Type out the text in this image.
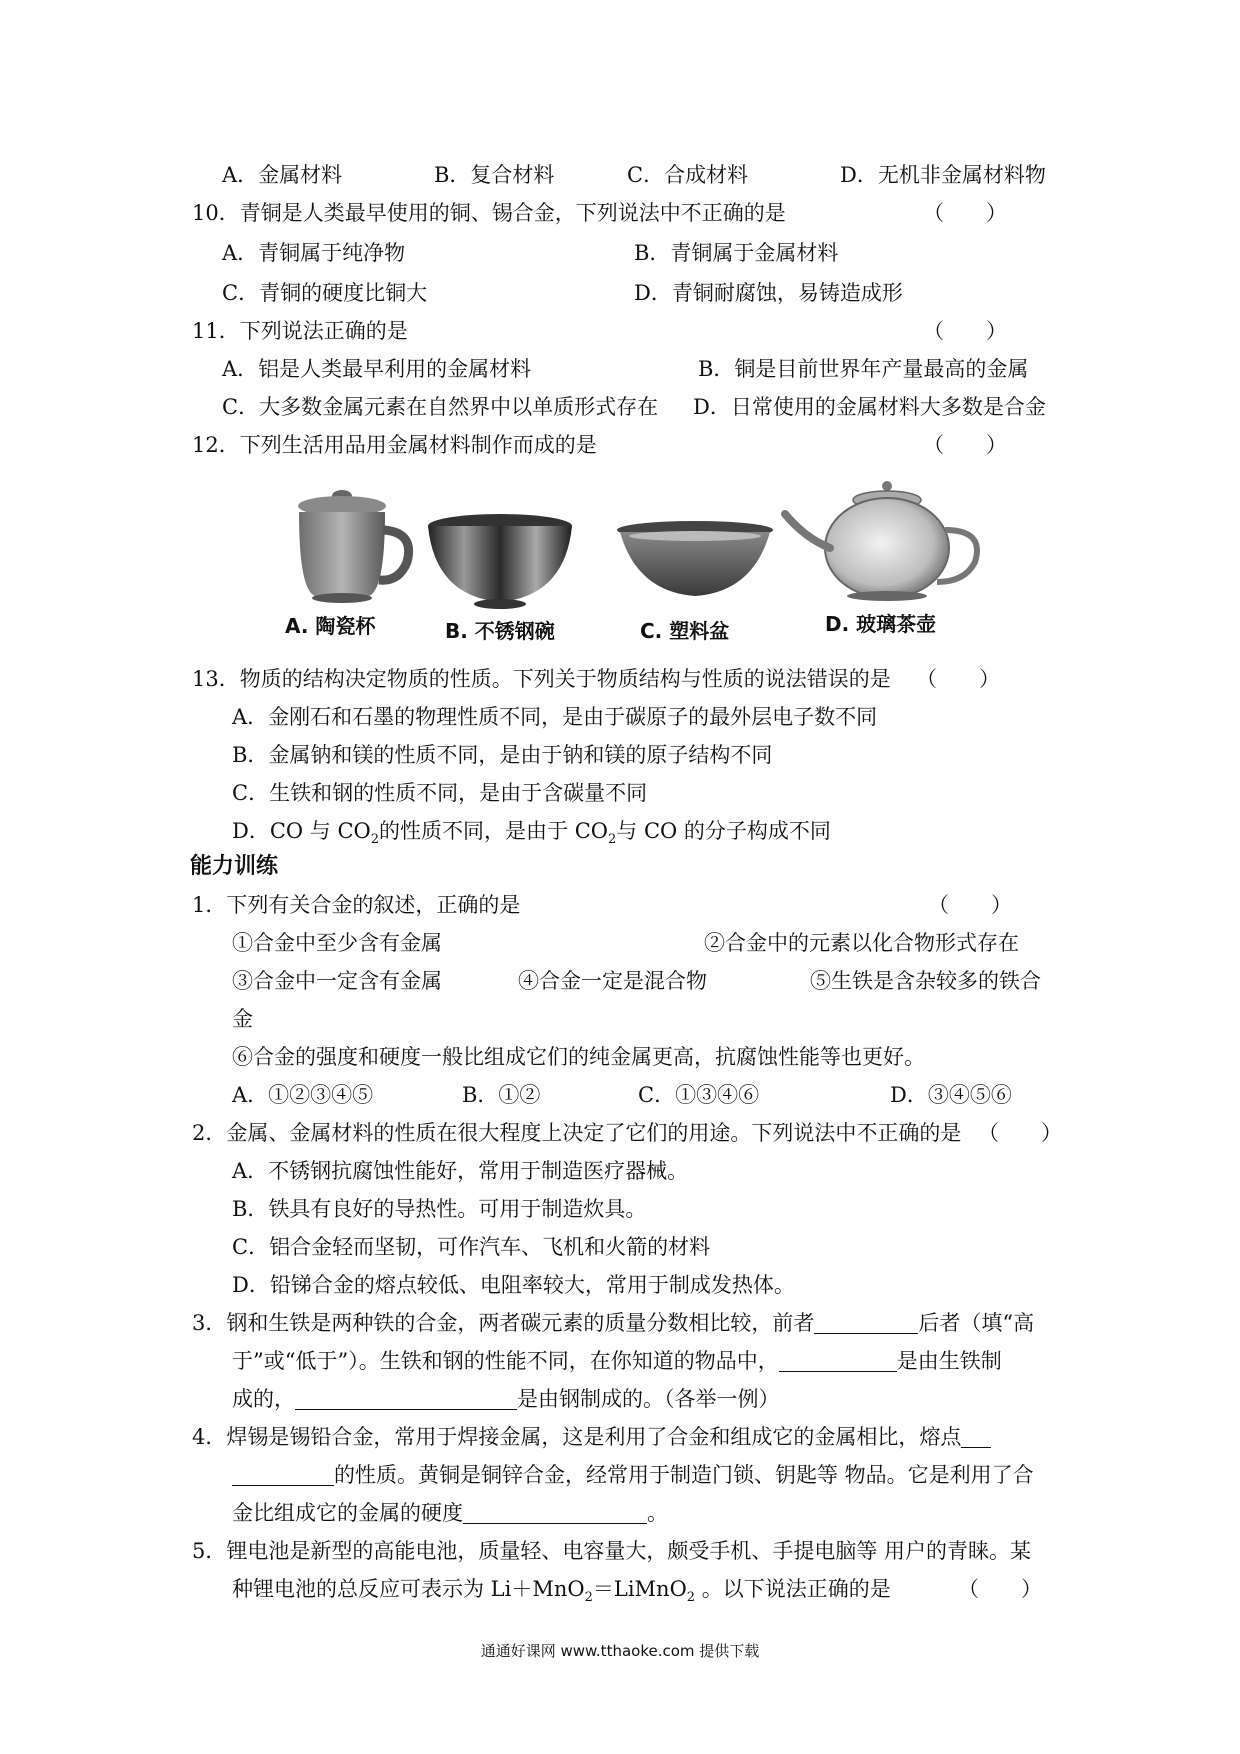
A．金属材料	B．复合材料	C．合成材料	D．无机非金属材料物
10．青铜是人类最早使用的铜、锡合金，下列说法中不正确的是	（　　）
A．青铜属于纯净物	B．青铜属于金属材料
C．青铜的硬度比铜大	D．青铜耐腐蚀，易铸造成形
11．下列说法正确的是	（　　）
A．铝是人类最早利用的金属材料	B．铜是目前世界年产量最高的金属
C．大多数金属元素在自然界中以单质形式存在 D．日常使用的金属材料大多数是合金
12．下列生活用品用金属材料制作而成的是	（　　）
A. 陶瓷杯	B. 不锈钢碗	C. 塑料盆	D. 玻璃茶壶
13．物质的结构决定物质的性质。下列关于物质结构与性质的说法错误的是 （　　）
A．金刚石和石墨的物理性质不同，是由于碳原子的最外层电子数不同
B．金属钠和镁的性质不同，是由于钠和镁的原子结构不同
C．生铁和钢的性质不同，是由于含碳量不同
D．CO 与 $CO_2$的性质不同，是由于 $CO_2$与 CO 的分子构成不同
能力训练
1．下列有关合金的叙述，正确的是	（　　）
①合金中至少含有金属	②合金中的元素以化合物形式存在
③合金中一定含有金属	④合金一定是混合物	⑤生铁是含杂较多的铁合
金
⑥合金的强度和硬度一般比组成它们的纯金属更高，抗腐蚀性能等也更好。
A．①②③④⑤	B．①②	C．①③④⑥	D．③④⑤⑥
2．金属、金属材料的性质在很大程度上决定了它们的用途。下列说法中不正确的是 （　　）
A．不锈钢抗腐蚀性能好，常用于制造医疗器械。
B．铁具有良好的导热性。可用于制造炊具。
C．铝合金轻而坚韧，可作汽车、飞机和火箭的材料
D．铅锑合金的熔点较低、电阻率较大，常用于制成发热体。
3．钢和生铁是两种铁的合金，两者碳元素的质量分数相比较，前者	后者（填“高
于”或“低于”）。生铁和钢的性能不同，在你知道的物品中，	是由生铁制
成的，	是由钢制成的。（各举一例）
4．焊锡是锡铅合金，常用于焊接金属，这是利用了合金和组成它的金属相比，熔点
的性质。黄铜是铜锌合金，经常用于制造门锁、钥匙等 物品。它是利用了合
金比组成它的金属的硬度	。
5．锂电池是新型的高能电池，质量轻、电容量大，颇受手机、手提电脑等 用户的青睐。某
种锂电池的总反应可表示为 Li＋MnO$_2$＝LiMnO$_2$ 。以下说法正确的是	（　　）
通通好课网 www.tthaoke.com 提供下载
